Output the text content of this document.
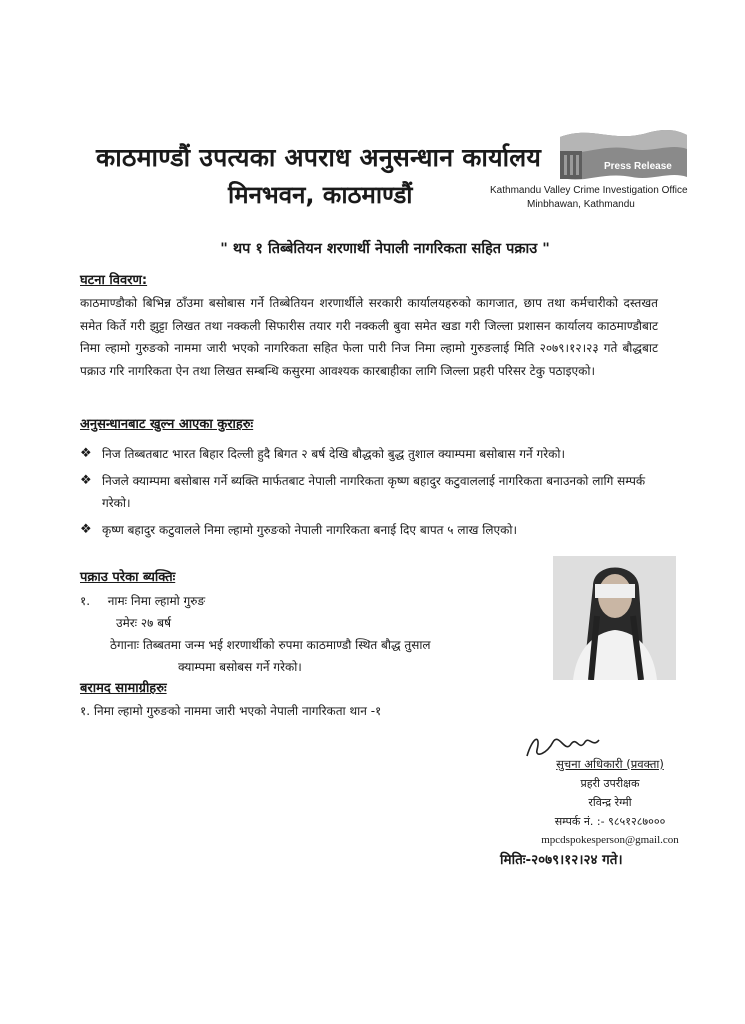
काठमाण्डौं उपत्यका अपराध अनुसन्धान कार्यालय
मिनभवन, काठमाण्डौं
Press Release
Kathmandu Valley Crime Investigation Office
Minbhawan, Kathmandu
" थप १ तिब्बेतियन शरणार्थी नेपाली नागरिकता सहित पक्राउ "
घटना विवरण:
काठमाण्डौको बिभिन्न ठाँउमा बसोबास गर्ने तिब्बेतियन शरणार्थीले सरकारी कार्यालयहरुको कागजात, छाप तथा कर्मचारीको दस्तखत समेत किर्ते गरी झुट्टा लिखत तथा नक्कली सिफारीस तयार गरी नक्कली बुवा समेत खडा गरी जिल्ला प्रशासन कार्यालय काठमाण्डौबाट निमा ल्हामो गुरुङको नाममा जारी भएको नागरिकता सहित फेला पारी निज निमा ल्हामो गुरुङलाई मिति २०७९।१२।२३ गते बौद्धबाट पक्राउ गरि नागरिकता ऐन तथा लिखत सम्बन्धि कसुरमा आवश्यक कारबाहीका लागि जिल्ला प्रहरी परिसर टेकु पठाइएको।
अनुसन्धानबाट खुल्न आएका कुराहरुः
❖ निज तिब्बतबाट भारत बिहार दिल्ली हुदै बिगत २ बर्ष देखि बौद्धको बुद्ध तुशाल क्याम्पमा बसोबास गर्ने गरेको।
❖ निजले क्याम्पमा बसोबास गर्ने ब्यक्ति मार्फतबाट नेपाली नागरिकता कृष्ण बहादुर कटुवाललाई नागरिकता बनाउनको लागि सम्पर्क गरेको।
❖ कृष्ण बहादुर कटुवालले निमा ल्हामो गुरुङको नेपाली नागरिकता बनाई दिए बापत ५ लाख लिएको।
पक्राउ परेका ब्यक्तिः
१. नामः निमा ल्हामो गुरुङ
उमेरः २७ बर्ष
ठेगानाः तिब्बतमा जन्म भई शरणार्थीको रुपमा काठमाण्डौ स्थित बौद्ध तुसाल
क्याम्पमा बसोबस गर्ने गरेको।
बरामद सामाग्रीहरुः
१. निमा ल्हामो गुरुङको नाममा जारी भएको नेपाली नागरिकता थान -१
सुचना अधिकारी (प्रवक्ता)
प्रहरी उपरीक्षक
रविन्द्र रेग्मी
सम्पर्क नं. :- ९८५१२८७०००
mpcdspokesperson@gmail.con
मितिः-२०७९।१२।२४ गते।
